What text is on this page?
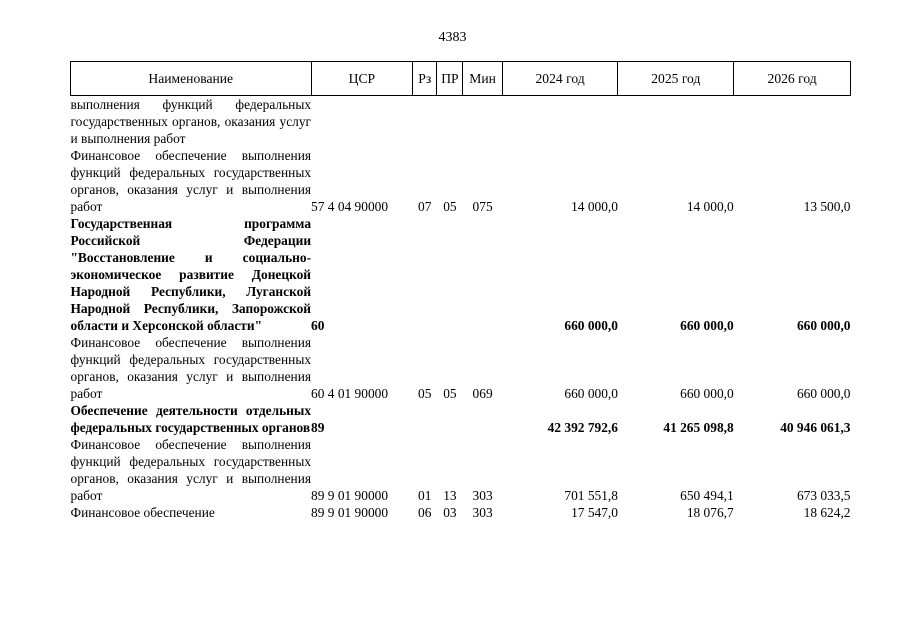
4383
Наименование	ЦСР	Рз	ПР	Мин	2024 год	2025 год	2026 год
выполнения функций федеральных государственных органов, оказания услуг и выполнения работ							
Финансовое обеспечение выполнения функций федеральных государственных органов, оказания услуг и выполнения работ	57 4 04 90000	07	05	075	14 000,0	14 000,0	13 500,0
Государственная программа Российской Федерации "Восстановление и социально-экономическое развитие Донецкой Народной Республики, Луганской Народной Республики, Запорожской области и Херсонской области"	60				660 000,0	660 000,0	660 000,0
Финансовое обеспечение выполнения функций федеральных государственных органов, оказания услуг и выполнения работ	60 4 01 90000	05	05	069	660 000,0	660 000,0	660 000,0
Обеспечение деятельности отдельных федеральных государственных органов	89				42 392 792,6	41 265 098,8	40 946 061,3
Финансовое обеспечение выполнения функций федеральных государственных органов, оказания услуг и выполнения работ	89 9 01 90000	01	13	303	701 551,8	650 494,1	673 033,5
Финансовое обеспечение	89 9 01 90000	06	03	303	17 547,0	18 076,7	18 624,2
